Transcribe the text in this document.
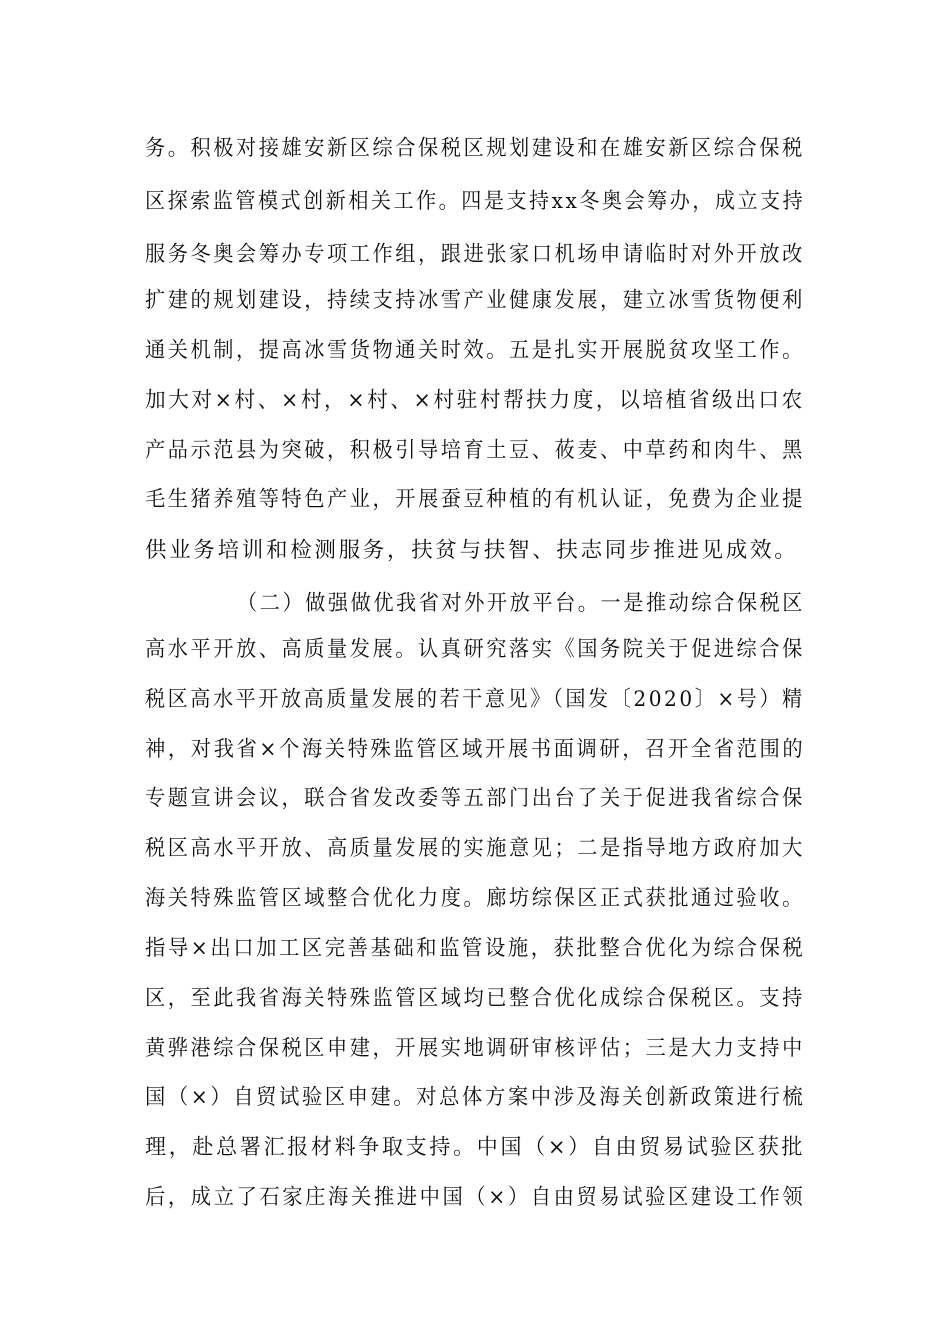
务。积极对接雄安新区综合保税区规划建设和在雄安新区综合保税
区探索监管模式创新相关工作。四是支持xx冬奥会筹办，成立支持
服务冬奥会筹办专项工作组，跟进张家口机场申请临时对外开放改
扩建的规划建设，持续支持冰雪产业健康发展，建立冰雪货物便利
通关机制，提高冰雪货物通关时效。五是扎实开展脱贫攻坚工作。
加大对×村、×村，×村、×村驻村帮扶力度，以培植省级出口农
产品示范县为突破，积极引导培育土豆、莜麦、中草药和肉牛、黑
毛生猪养殖等特色产业，开展蚕豆种植的有机认证，免费为企业提
供业务培训和检测服务，扶贫与扶智、扶志同步推进见成效。
（二）做强做优我省对外开放平台。一是推动综合保税区
高水平开放、高质量发展。认真研究落实《国务院关于促进综合保
税区高水平开放高质量发展的若干意见》（国发〔2020〕×号）精
神，对我省×个海关特殊监管区域开展书面调研，召开全省范围的
专题宣讲会议，联合省发改委等五部门出台了关于促进我省综合保
税区高水平开放、高质量发展的实施意见；二是指导地方政府加大
海关特殊监管区域整合优化力度。廊坊综保区正式获批通过验收。
指导×出口加工区完善基础和监管设施，获批整合优化为综合保税
区，至此我省海关特殊监管区域均已整合优化成综合保税区。支持
黄骅港综合保税区申建，开展实地调研审核评估；三是大力支持中
国（×）自贸试验区申建。对总体方案中涉及海关创新政策进行梳
理，赴总署汇报材料争取支持。中国（×）自由贸易试验区获批
后，成立了石家庄海关推进中国（×）自由贸易试验区建设工作领
